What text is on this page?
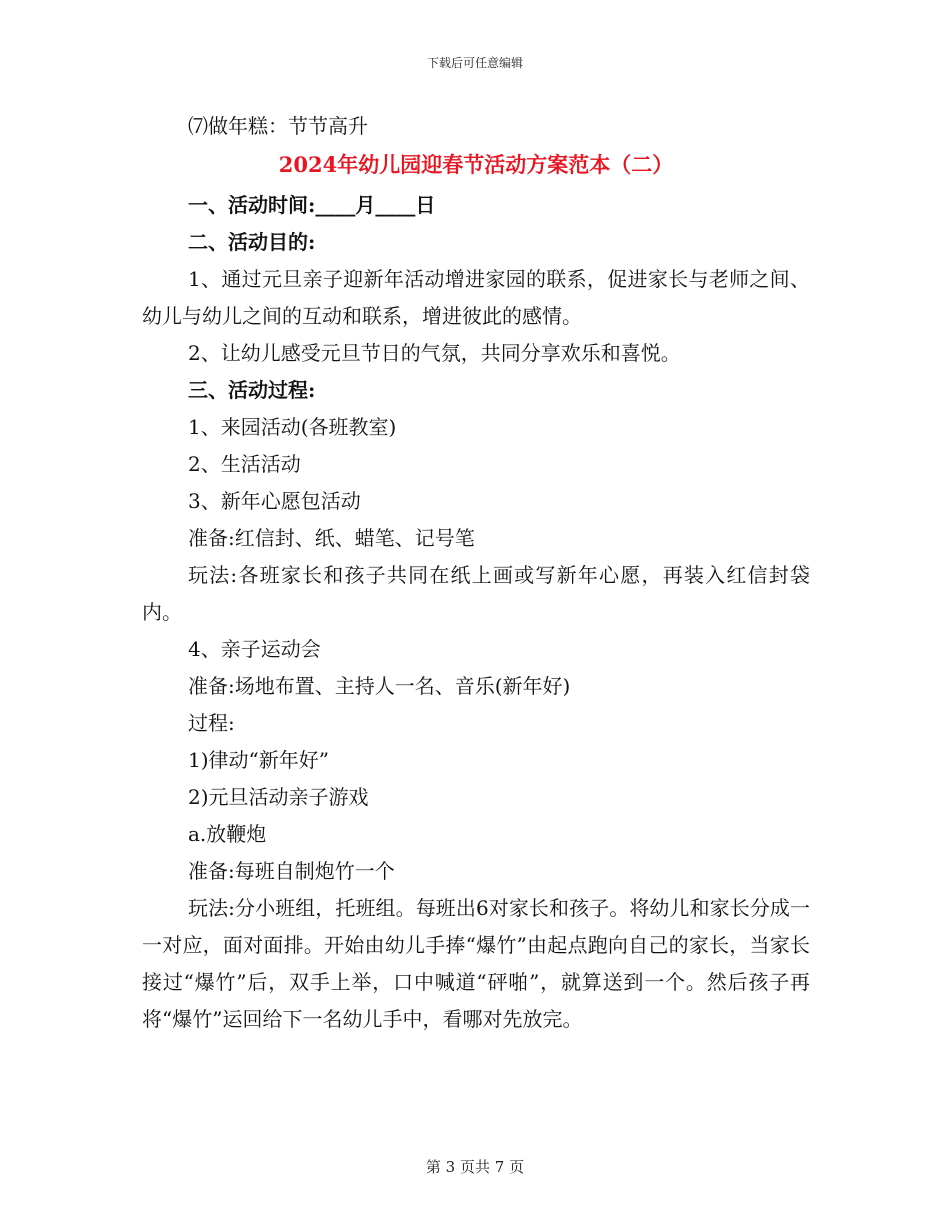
下载后可任意编辑
⑺做年糕：节节高升
2024年幼儿园迎春节活动方案范本（二）
一、活动时间:____月____日
二、活动目的:
1、通过元旦亲子迎新年活动增进家园的联系，促进家长与老师之间、幼儿与幼儿之间的互动和联系，增进彼此的感情。
2、让幼儿感受元旦节日的气氛，共同分享欢乐和喜悦。
三、活动过程:
1、来园活动(各班教室)
2、生活活动
3、新年心愿包活动
准备:红信封、纸、蜡笔、记号笔
玩法:各班家长和孩子共同在纸上画或写新年心愿，再装入红信封袋内。
4、亲子运动会
准备:场地布置、主持人一名、音乐(新年好)
过程:
1)律动“新年好”
2)元旦活动亲子游戏
a.放鞭炮
准备:每班自制炮竹一个
玩法:分小班组，托班组。每班出6对家长和孩子。将幼儿和家长分成一一对应，面对面排。开始由幼儿手捧“爆竹”由起点跑向自己的家长，当家长接过“爆竹”后，双手上举，口中喊道“砰啪”，就算送到一个。然后孩子再将“爆竹”运回给下一名幼儿手中，看哪对先放完。
第 3 页共 7 页
